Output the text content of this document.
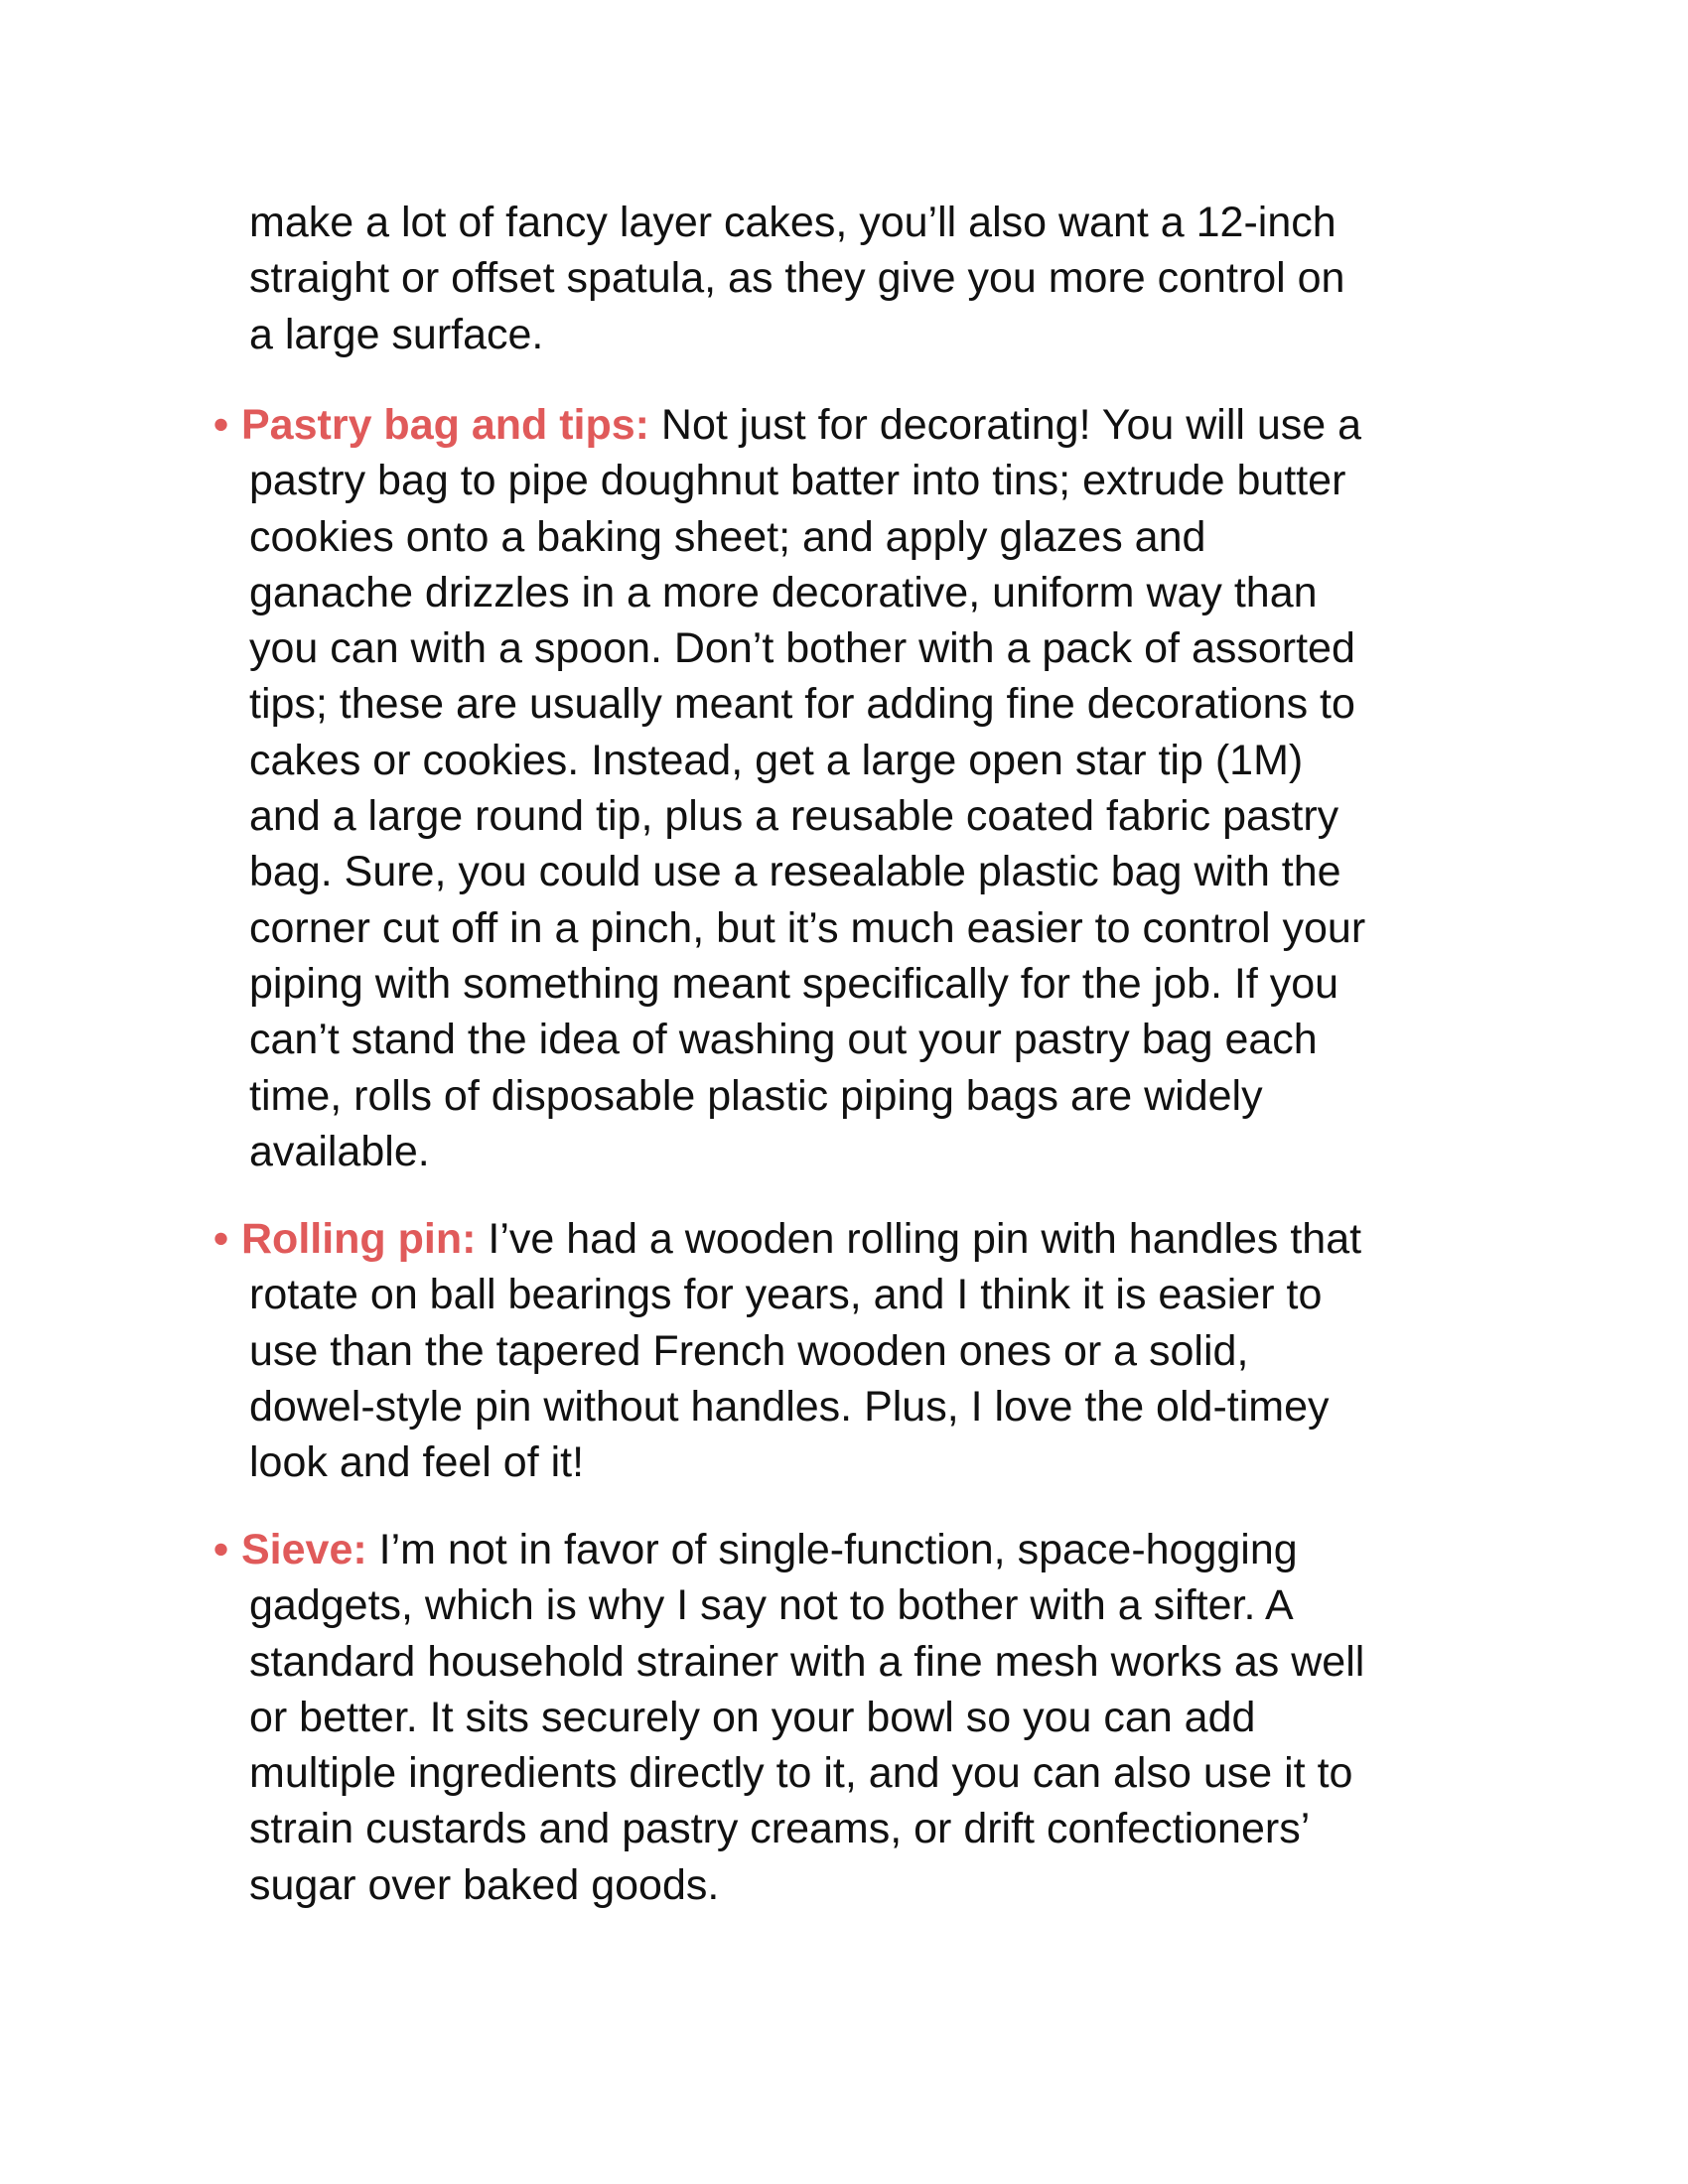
make a lot of fancy layer cakes, you’ll also want a 12-inch
straight or offset spatula, as they give you more control on
a large surface.

• Pastry bag and tips: Not just for decorating! You will use a
pastry bag to pipe doughnut batter into tins; extrude butter
cookies onto a baking sheet; and apply glazes and
ganache drizzles in a more decorative, uniform way than
you can with a spoon. Don’t bother with a pack of assorted
tips; these are usually meant for adding fine decorations to
cakes or cookies. Instead, get a large open star tip (1M)
and a large round tip, plus a reusable coated fabric pastry
bag. Sure, you could use a resealable plastic bag with the
corner cut off in a pinch, but it’s much easier to control your
piping with something meant specifically for the job. If you
can’t stand the idea of washing out your pastry bag each
time, rolls of disposable plastic piping bags are widely
available.

• Rolling pin: I’ve had a wooden rolling pin with handles that
rotate on ball bearings for years, and I think it is easier to
use than the tapered French wooden ones or a solid,
dowel-style pin without handles. Plus, I love the old-timey
look and feel of it!

• Sieve: I’m not in favor of single-function, space-hogging
gadgets, which is why I say not to bother with a sifter. A
standard household strainer with a fine mesh works as well
or better. It sits securely on your bowl so you can add
multiple ingredients directly to it, and you can also use it to
strain custards and pastry creams, or drift confectioners’
sugar over baked goods.
